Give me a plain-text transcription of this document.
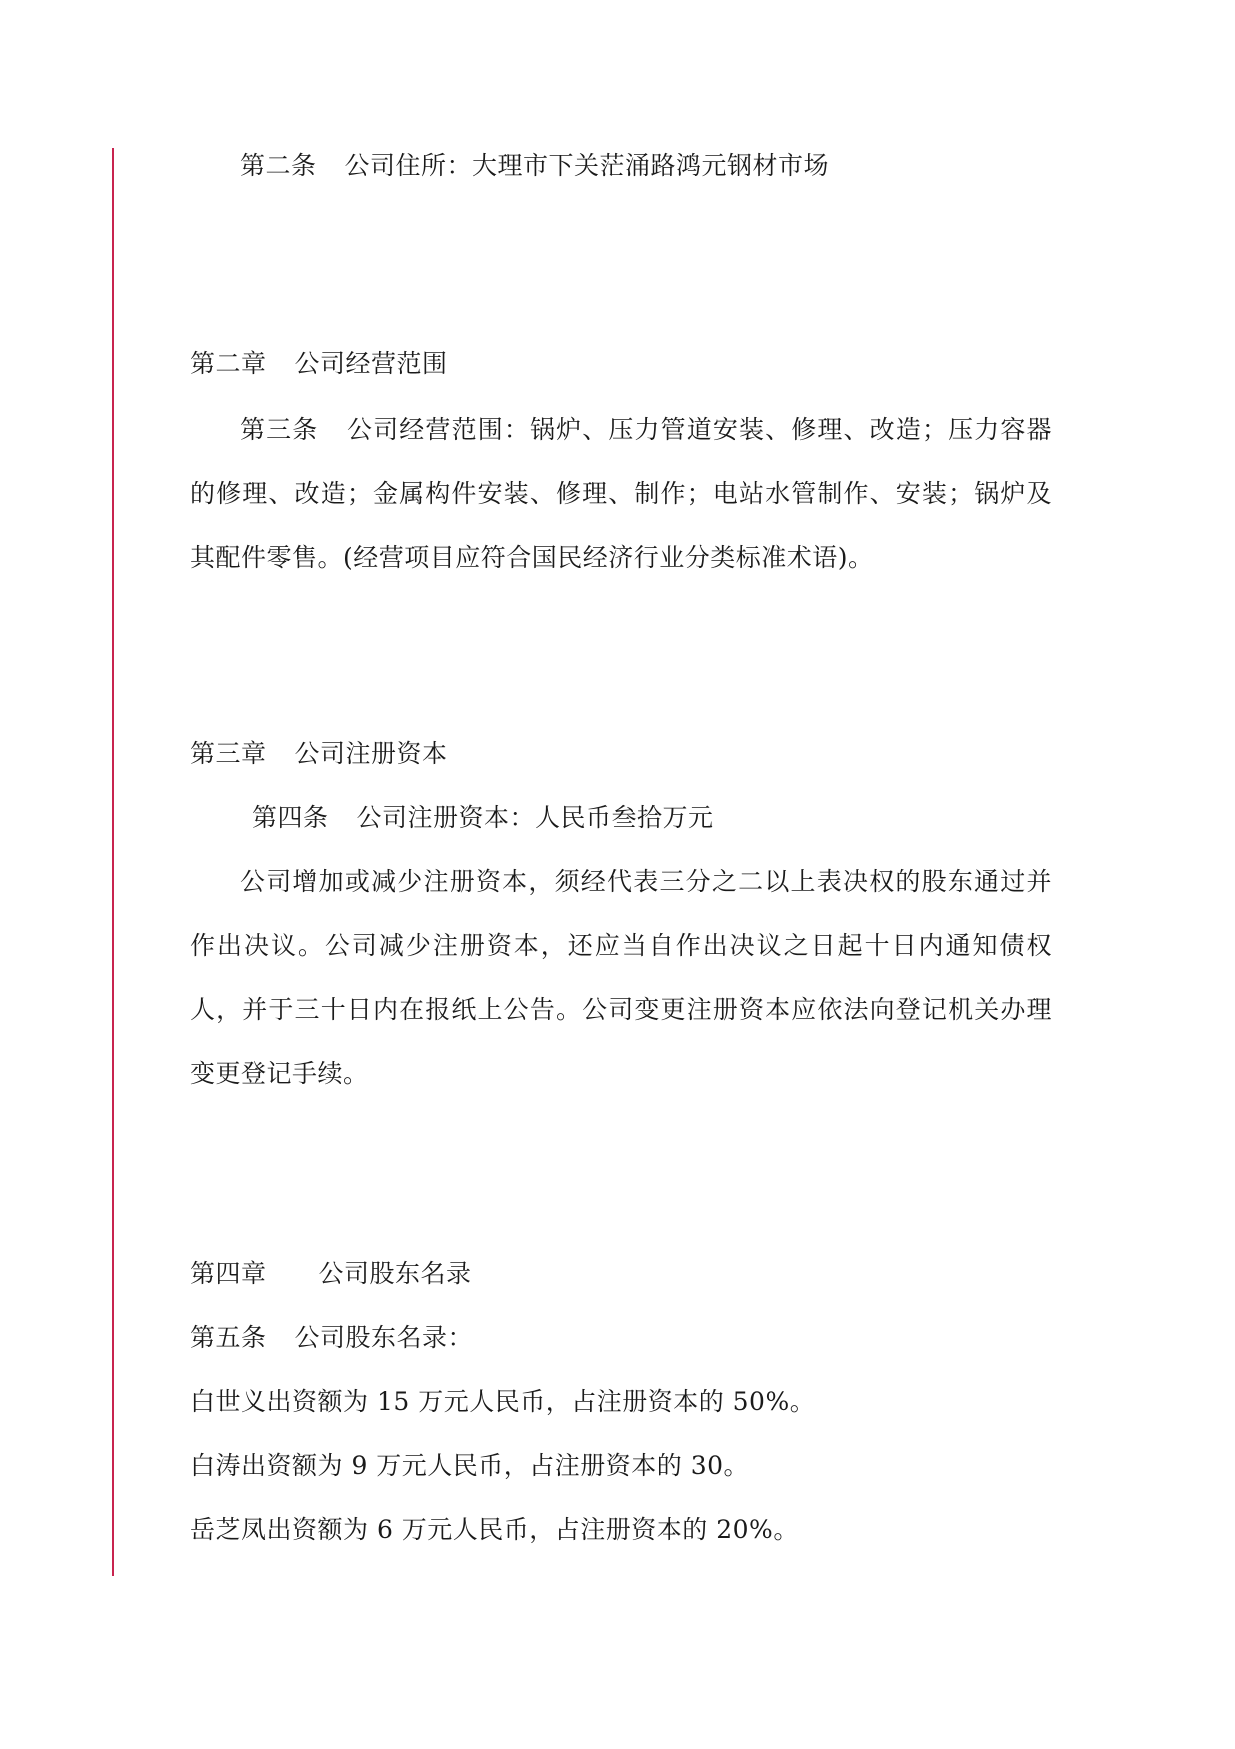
第二条 公司住所：大理市下关茫涌路鸿元钢材市场
第二章 公司经营范围
第三条 公司经营范围：锅炉、压力管道安装、修理、改造；压力容器的修理、改造；金属构件安装、修理、制作；电站水管制作、安装；锅炉及其配件零售。(经营项目应符合国民经济行业分类标准术语)。
第三章 公司注册资本
第四条 公司注册资本：人民币叁拾万元
公司增加或减少注册资本，须经代表三分之二以上表决权的股东通过并作出决议。公司减少注册资本，还应当自作出决议之日起十日内通知债权人，并于三十日内在报纸上公告。公司变更注册资本应依法向登记机关办理变更登记手续。
第四章 公司股东名录
第五条 公司股东名录：
白世义出资额为 15 万元人民币，占注册资本的 50%。
白涛出资额为 9 万元人民币，占注册资本的 30。
岳芝凤出资额为 6 万元人民币，占注册资本的 20%。
